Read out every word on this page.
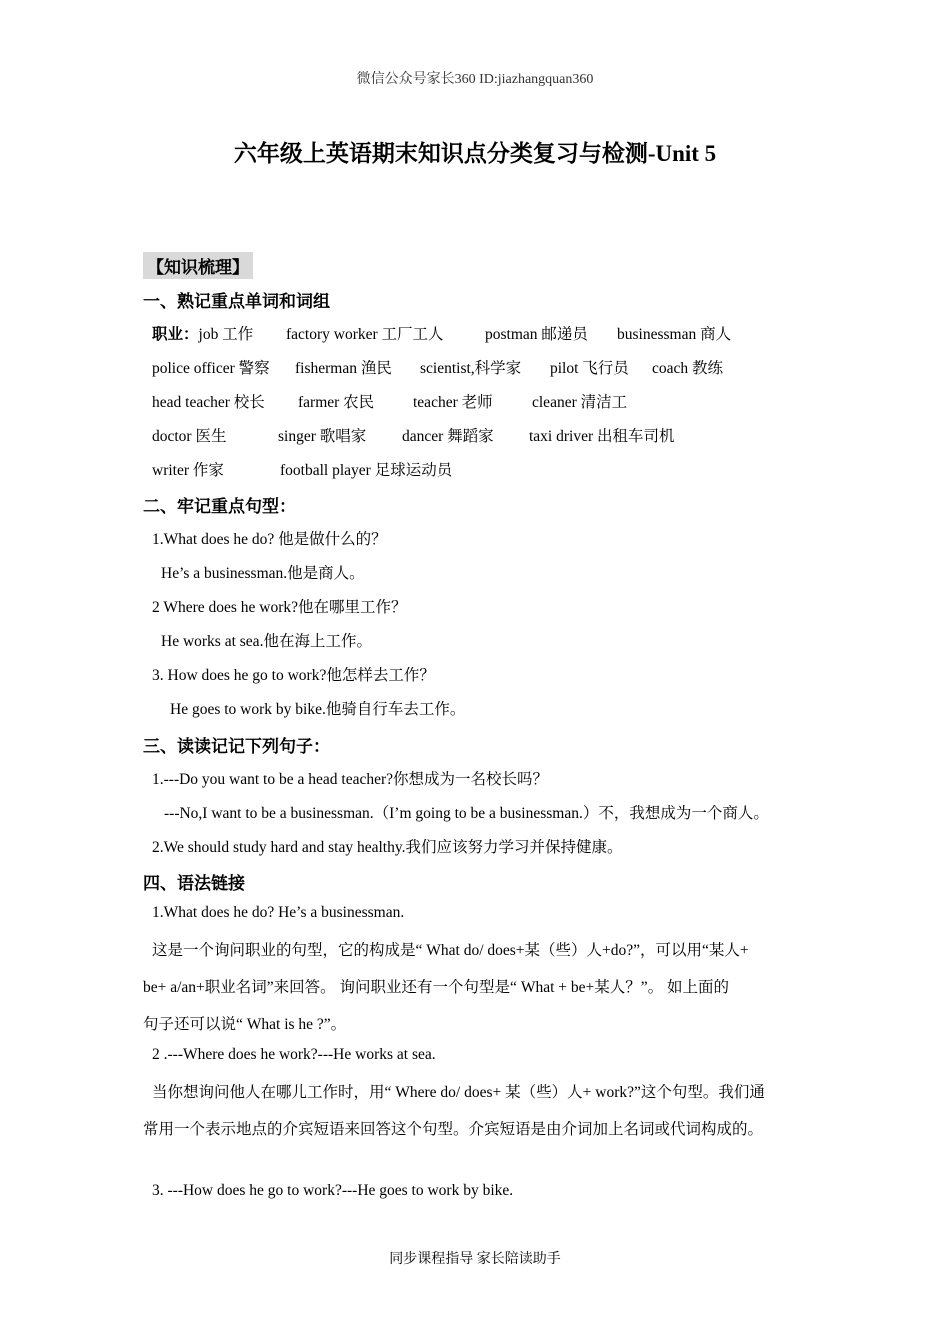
微信公众号家长360 ID:jiazhangquan360
六年级上英语期末知识点分类复习与检测-Unit 5
【知识梳理】
一、熟记重点单词和词组
职业：job 工作 factory worker 工厂工人	postman 邮递员 businessman 商人
police officer 警察 fisherman 渔民 scientist,科学家 pilot 飞行员 coach 教练
head teacher 校长 farmer 农民	teacher 老师	cleaner 清洁工
doctor 医生	singer 歌唱家 dancer 舞蹈家 taxi driver 出租车司机
writer 作家	football player 足球运动员
二、牢记重点句型：
1.What does he do? 他是做什么的？
He’s a businessman.他是商人。
2 Where does he work?他在哪里工作？
He works at sea.他在海上工作。
3. How does he go to work?他怎样去工作？
He goes to work by bike.他骑自行车去工作。
三、读读记记下列句子：
1.---Do you want to be a head teacher?你想成为一名校长吗？
---No,I want to be a businessman.（I’m going to be a businessman.）不，我想成为一个商人。
2.We should study hard and stay healthy.我们应该努力学习并保持健康。
四、语法链接
1.What does he do? He’s a businessman.
这是一个询问职业的句型，它的构成是“ What do/ does+某（些）人+do?”，可以用“某人+
be+ a/an+职业名词”来回答。 询问职业还有一个句型是“ What + be+某人？”。 如上面的
句子还可以说“ What is he ?”。
2 .---Where does he work?---He works at sea.
当你想询问他人在哪儿工作时，用“ Where do/ does+ 某（些）人+ work?”这个句型。我们通
常用一个表示地点的介宾短语来回答这个句型。介宾短语是由介词加上名词或代词构成的。
3. ---How does he go to work?---He goes to work by bike.
同步课程指导 家长陪读助手
